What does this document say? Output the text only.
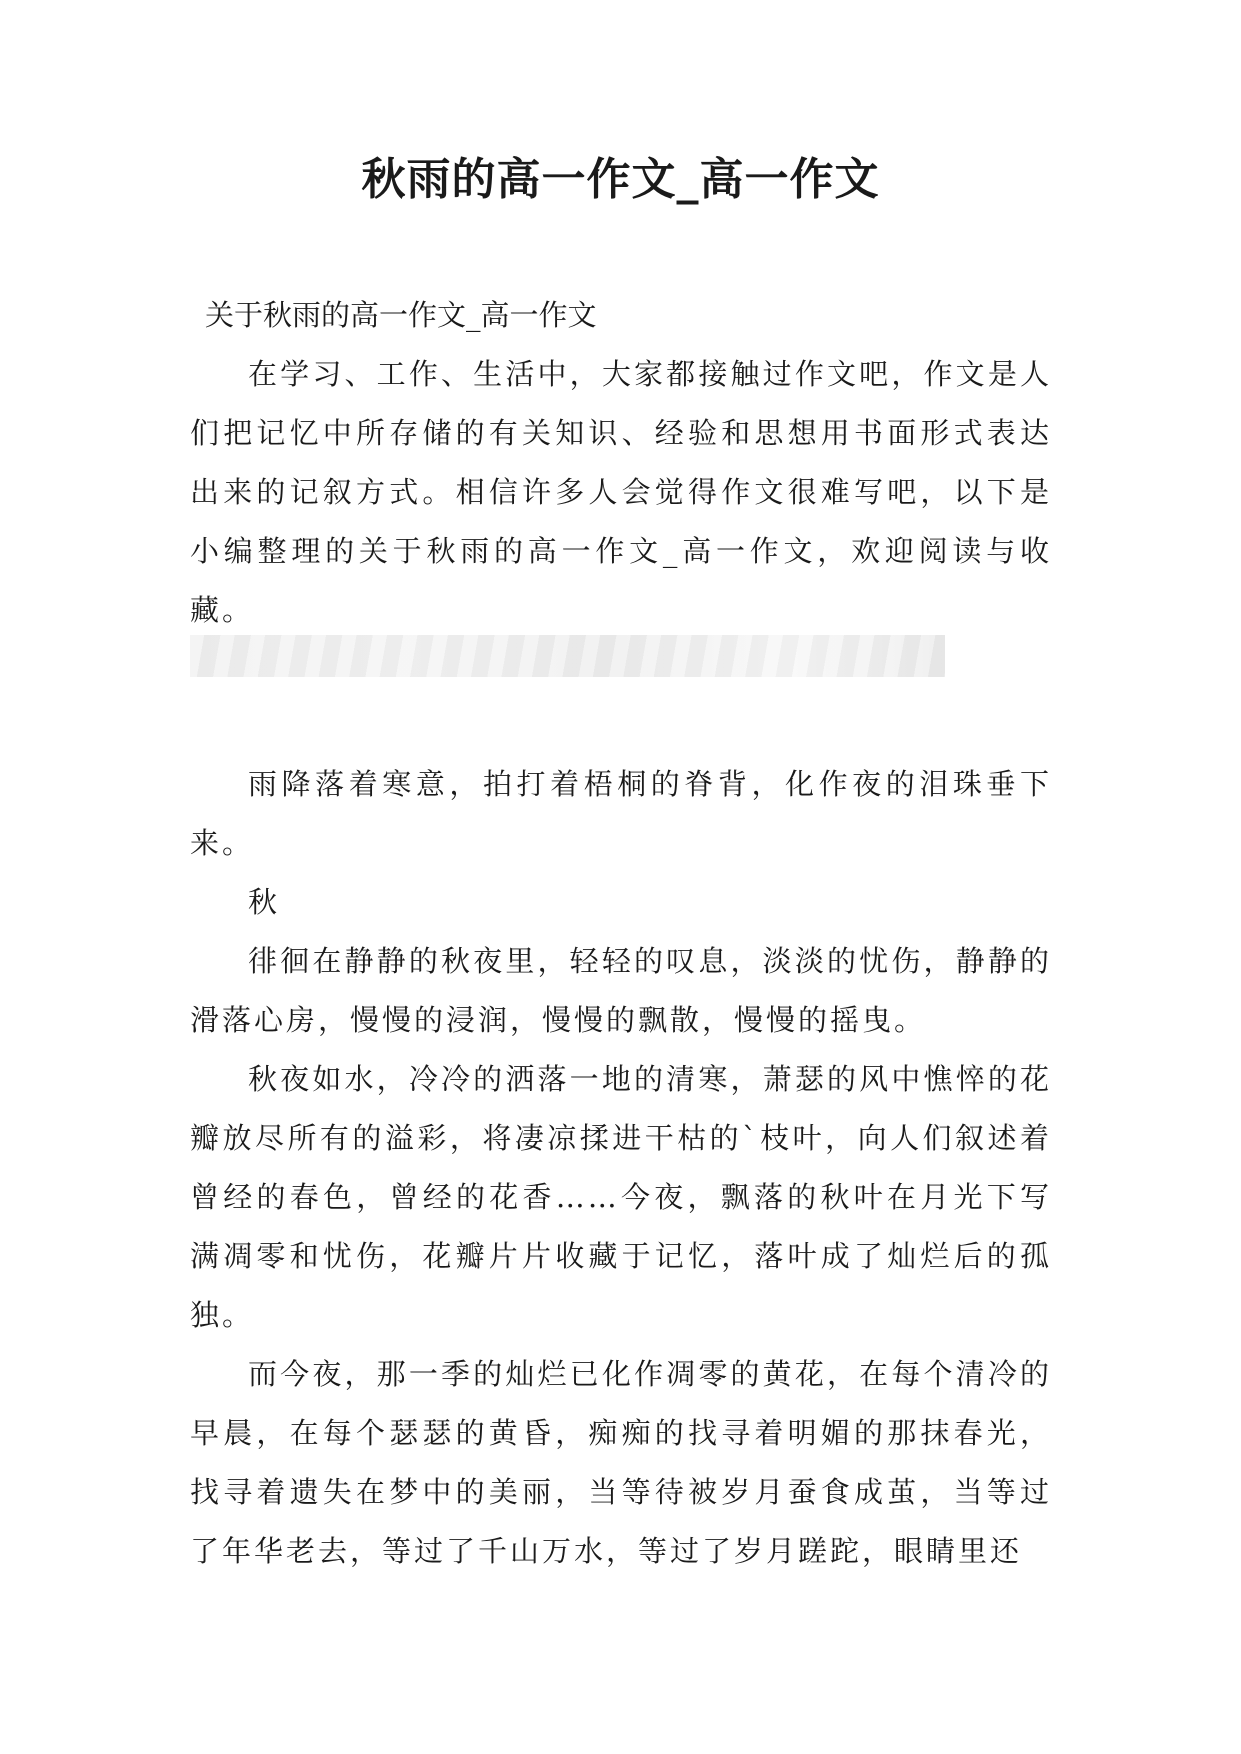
秋雨的高一作文_高一作文

关于秋雨的高一作文_高一作文

在学习、工作、生活中，大家都接触过作文吧，作文是人们把记忆中所存储的有关知识、经验和思想用书面形式表达出来的记叙方式。相信许多人会觉得作文很难写吧，以下是小编整理的关于秋雨的高一作文_高一作文，欢迎阅读与收藏。

雨降落着寒意，拍打着梧桐的脊背，化作夜的泪珠垂下来。

秋

徘徊在静静的秋夜里，轻轻的叹息，淡淡的忧伤，静静的滑落心房，慢慢的浸润，慢慢的飘散，慢慢的摇曳。

秋夜如水，冷冷的洒落一地的清寒，萧瑟的风中憔悴的花瓣放尽所有的溢彩，将凄凉揉进干枯的`枝叶，向人们叙述着曾经的春色，曾经的花香……今夜，飘落的秋叶在月光下写满凋零和忧伤，花瓣片片收藏于记忆，落叶成了灿烂后的孤独。

而今夜，那一季的灿烂已化作凋零的黄花，在每个清冷的早晨，在每个瑟瑟的黄昏，痴痴的找寻着明媚的那抹春光，找寻着遗失在梦中的美丽，当等待被岁月蚕食成茧，当等过了年华老去，等过了千山万水，等过了岁月蹉跎，眼睛里还
